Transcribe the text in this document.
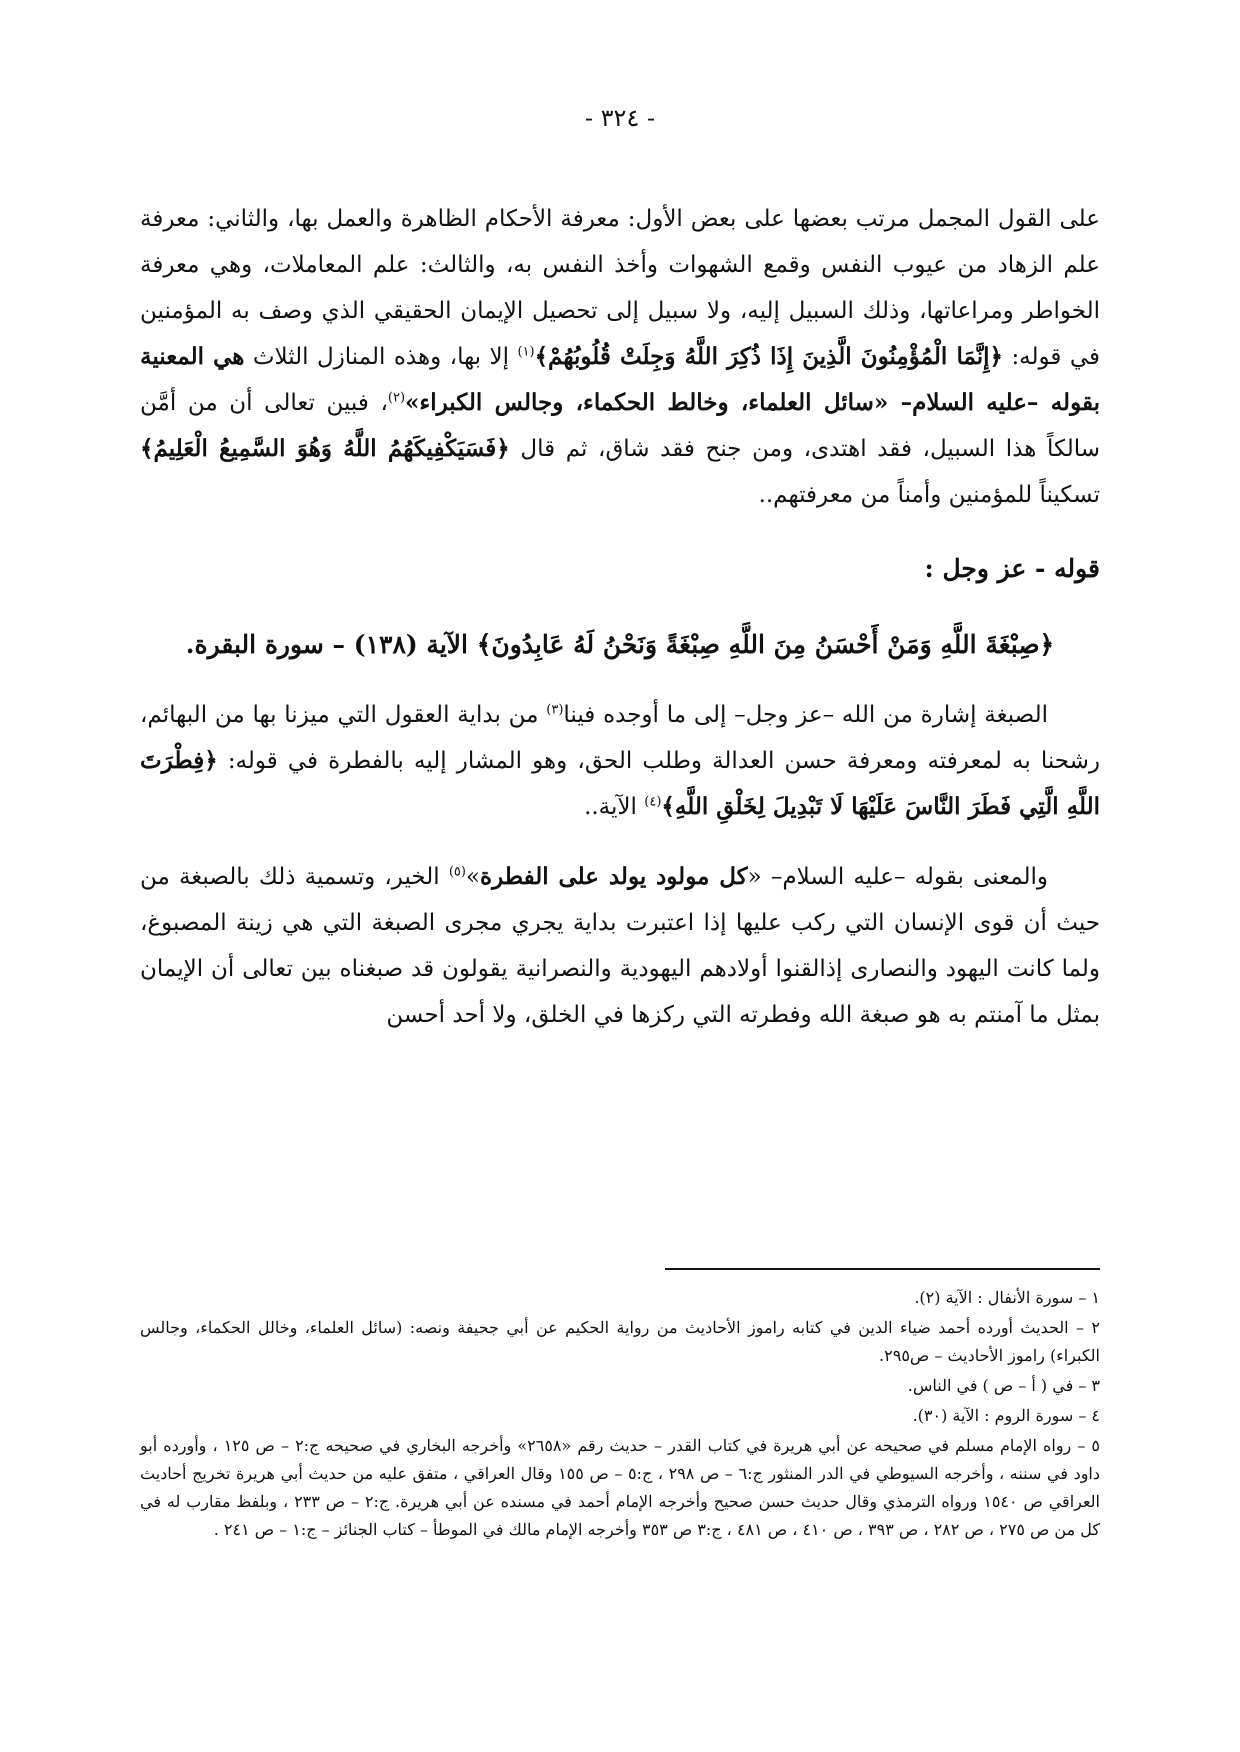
- ٣٢٤ -

على القول المجمل مرتب بعضها على بعض الأول: معرفة الأحكام الظاهرة والعمل بها، والثاني: معرفة علم الزهاد من عيوب النفس وقمع الشهوات وأخذ النفس به، والثالث: علم المعاملات، وهي معرفة الخواطر ومراعاتها، وذلك السبيل إليه، ولا سبيل إلى تحصيل الإيمان الحقيقي الذي وصف به المؤمنين في قوله: ﴿إِنَّمَا الْمُؤْمِنُونَ الَّذِينَ إِذَا ذُكِرَ اللَّهُ وَجِلَتْ قُلُوبُهُمْ﴾$^{(١)}$ إلا بها، وهذه المنازل الثلاث هي المعنية بقوله –عليه السلام– «سائل العلماء، وخالط الحكماء، وجالس الكبراء»$^{(٢)}$، فبين تعالى أن من أمَّن سالكاً هذا السبيل، فقد اهتدى، ومن جنح فقد شاق، ثم قال ﴿فَسَيَكْفِيكَهُمُ اللَّهُ وَهُوَ السَّمِيعُ الْعَلِيمُ﴾ تسكيناً للمؤمنين وأمناً من معرفتهم..

قوله - عز وجل :

﴿صِبْغَةَ اللَّهِ وَمَنْ أَحْسَنُ مِنَ اللَّهِ صِبْغَةً وَنَحْنُ لَهُ عَابِدُونَ﴾ الآية (١٣٨) – سورة البقرة.

الصبغة إشارة من الله –عز وجل– إلى ما أوجده فينا$^{(٣)}$ من بداية العقول التي ميزنا بها من البهائم، رشحنا به لمعرفته ومعرفة حسن العدالة وطلب الحق، وهو المشار إليه بالفطرة في قوله: ﴿فِطْرَتَ اللَّهِ الَّتِي فَطَرَ النَّاسَ عَلَيْهَا لَا تَبْدِيلَ لِخَلْقِ اللَّهِ﴾$^{(٤)}$ الآية..

والمعنى بقوله –عليه السلام– «كل مولود يولد على الفطرة»$^{(٥)}$ الخير، وتسمية ذلك بالصبغة من حيث أن قوى الإنسان التي ركب عليها إذا اعتبرت بداية يجري مجرى الصبغة التي هي زينة المصبوغ، ولما كانت اليهود والنصارى إذالقنوا أولادهم اليهودية والنصرانية يقولون قد صبغناه بين تعالى أن الإيمان بمثل ما آمنتم به هو صبغة الله وفطرته التي ركزها في الخلق، ولا أحد أحسن

١ – سورة الأنفال : الآية (٢).

٢ – الحديث أورده أحمد ضياء الدين في كتابه راموز الأحاديث من رواية الحكيم عن أبي جحيفة ونصه: (سائل العلماء، وخالل الحكماء، وجالس الكبراء) راموز الأحاديث – ص٢٩٥.

٣ – في ( أ – ص ) في الناس.

٤ – سورة الروم : الآية (٣٠).

٥ – رواه الإمام مسلم في صحيحه عن أبي هريرة في كتاب القدر – حديث رقم «٢٦٥٨» وأخرجه البخاري في صحيحه ج:٢ – ص ١٢٥ ، وأورده أبو داود في سننه ، وأخرجه السيوطي في الدر المنثور ج:٦ – ص ٢٩٨ ، ج:٥ – ص ١٥٥ وقال العراقي ، متفق عليه من حديث أبي هريرة تخريج أحاديث العراقي ص ١٥٤٠ ورواه الترمذي وقال حديث حسن صحيح وأخرجه الإمام أحمد في مسنده عن أبي هريرة. ج:٢ – ص ٢٣٣ ، وبلفظ مقارب له في كل من ص ٢٧٥ ، ص ٢٨٢ ، ص ٣٩٣ ، ص ٤١٠ ، ص ٤٨١ ، ج:٣ ص ٣٥٣ وأخرجه الإمام مالك في الموطأ – كتاب الجنائز – ج:١ – ص ٢٤١ .
